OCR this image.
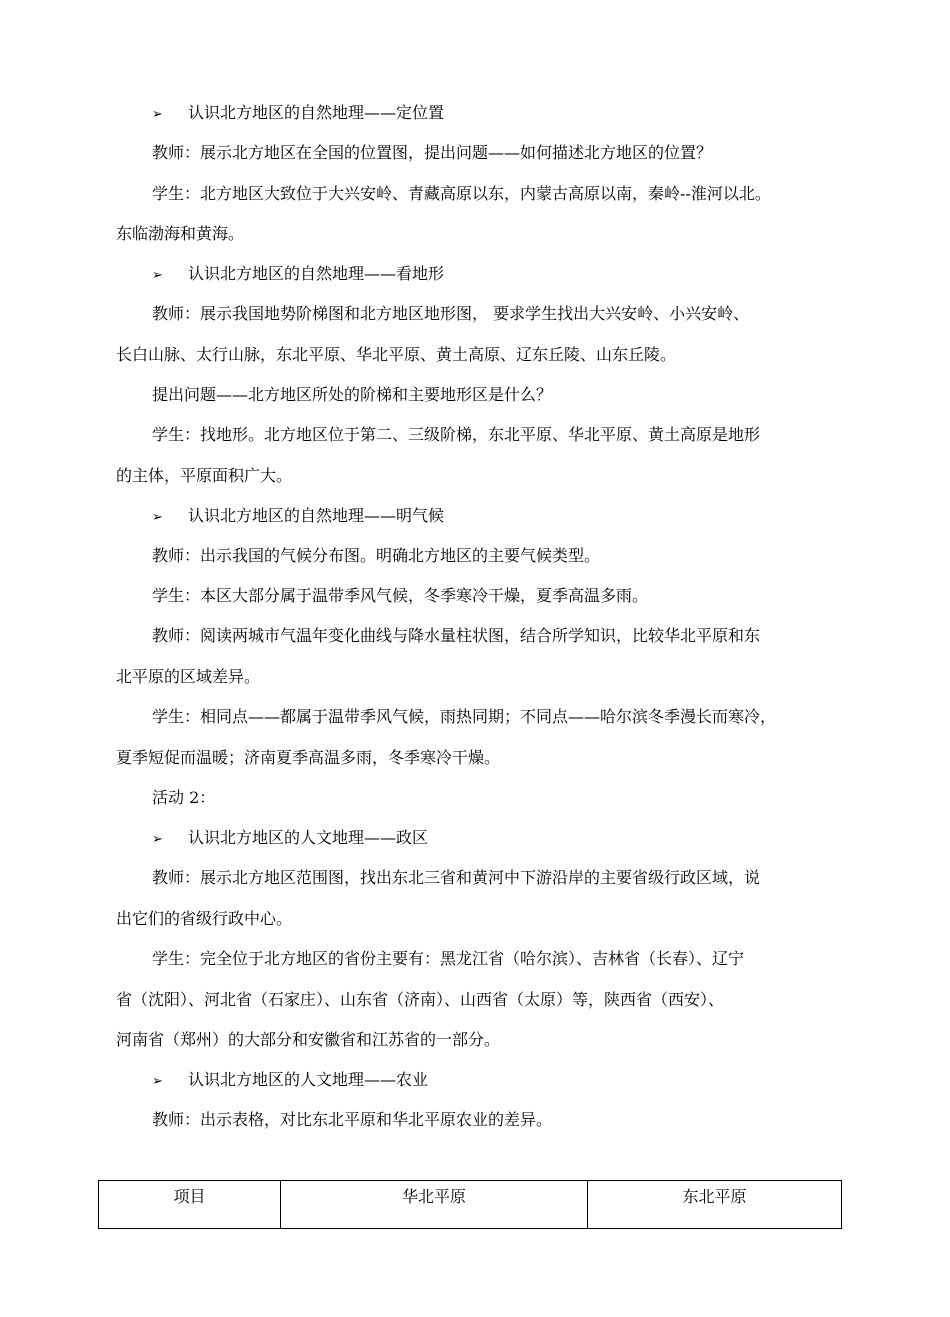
➢ 认识北方地区的自然地理——定位置
教师：展示北方地区在全国的位置图，提出问题——如何描述北方地区的位置？
学生：北方地区大致位于大兴安岭、青藏高原以东，内蒙古高原以南，秦岭--淮河以北。
东临渤海和黄海。
➢ 认识北方地区的自然地理——看地形
教师：展示我国地势阶梯图和北方地区地形图， 要求学生找出大兴安岭、小兴安岭、
长白山脉、太行山脉，东北平原、华北平原、黄土高原、辽东丘陵、山东丘陵。
提出问题——北方地区所处的阶梯和主要地形区是什么？
学生：找地形。北方地区位于第二、三级阶梯，东北平原、华北平原、黄土高原是地形
的主体，平原面积广大。
➢ 认识北方地区的自然地理——明气候
教师：出示我国的气候分布图。明确北方地区的主要气候类型。
学生：本区大部分属于温带季风气候，冬季寒冷干燥，夏季高温多雨。
教师：阅读两城市气温年变化曲线与降水量柱状图，结合所学知识，比较华北平原和东
北平原的区域差异。
学生：相同点——都属于温带季风气候，雨热同期；不同点——哈尔滨冬季漫长而寒冷，
夏季短促而温暖；济南夏季高温多雨，冬季寒冷干燥。
活动 2：
➢ 认识北方地区的人文地理——政区
教师：展示北方地区范围图，找出东北三省和黄河中下游沿岸的主要省级行政区域，说
出它们的省级行政中心。
学生：完全位于北方地区的省份主要有：黑龙江省（哈尔滨）、吉林省（长春）、辽宁
省（沈阳）、河北省（石家庄）、山东省（济南）、山西省（太原）等，陕西省（西安）、
河南省（郑州）的大部分和安徽省和江苏省的一部分。
➢ 认识北方地区的人文地理——农业
教师：出示表格，对比东北平原和华北平原农业的差异。
项目	华北平原	东北平原
